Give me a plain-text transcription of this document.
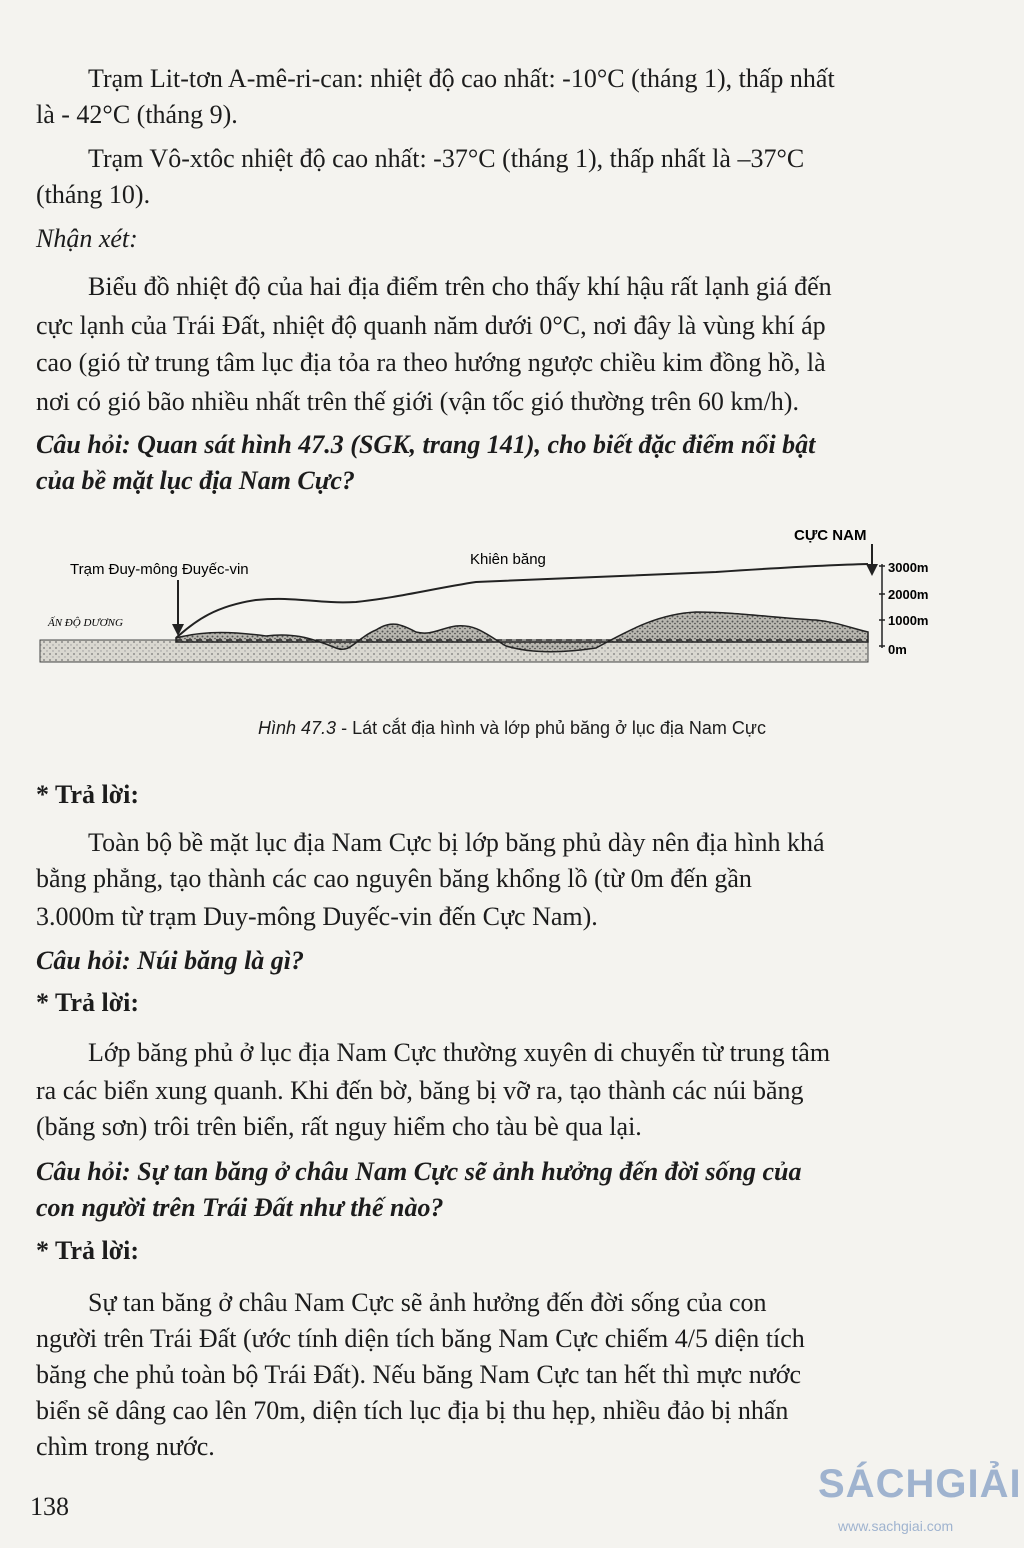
Trạm Lit-tơn A-mê-ri-can: nhiệt độ cao nhất: -10°C (tháng 1), thấp nhất
là - 42°C (tháng 9).
Trạm Vô-xtôc nhiệt độ cao nhất: -37°C (tháng 1), thấp nhất là –37°C
(tháng 10).
Nhận xét:
Biểu đồ nhiệt độ của hai địa điểm trên cho thấy khí hậu rất lạnh giá đến
cực lạnh của Trái Đất, nhiệt độ quanh năm dưới 0°C, nơi đây là vùng khí áp
cao (gió từ trung tâm lục địa tỏa ra theo hướng ngược chiều kim đồng hồ, là
nơi có gió bão nhiều nhất trên thế giới (vận tốc gió thường trên 60 km/h).
Câu hỏi: Quan sát hình 47.3 (SGK, trang 141), cho biết đặc điểm nổi bật
của bề mặt lục địa Nam Cực?
Trạm Đuy-mông Đuyếc-vin
Khiên băng
CỰC NAM
ẤN ĐỘ DƯƠNG
3000m
2000m
1000m
0m
Hình 47.3 - Lát cắt địa hình và lớp phủ băng ở lục địa Nam Cực
* Trả lời:
Toàn bộ bề mặt lục địa Nam Cực bị lớp băng phủ dày nên địa hình khá
bằng phẳng, tạo thành các cao nguyên băng khổng lồ (từ 0m đến gần
3.000m từ trạm Duy-mông Duyếc-vin đến Cực Nam).
Câu hỏi: Núi băng là gì?
* Trả lời:
Lớp băng phủ ở lục địa Nam Cực thường xuyên di chuyển từ trung tâm
ra các biển xung quanh. Khi đến bờ, băng bị vỡ ra, tạo thành các núi băng
(băng sơn) trôi trên biển, rất nguy hiểm cho tàu bè qua lại.
Câu hỏi: Sự tan băng ở châu Nam Cực sẽ ảnh hưởng đến đời sống của
con người trên Trái Đất như thế nào?
* Trả lời:
Sự tan băng ở châu Nam Cực sẽ ảnh hưởng đến đời sống của con
người trên Trái Đất (ước tính diện tích băng Nam Cực chiếm 4/5 diện tích
băng che phủ toàn bộ Trái Đất). Nếu băng Nam Cực tan hết thì mực nước
biển sẽ dâng cao lên 70m, diện tích lục địa bị thu hẹp, nhiều đảo bị nhấn
chìm trong nước.
138
SÁCHGIẢI
www.sachgiai.com
